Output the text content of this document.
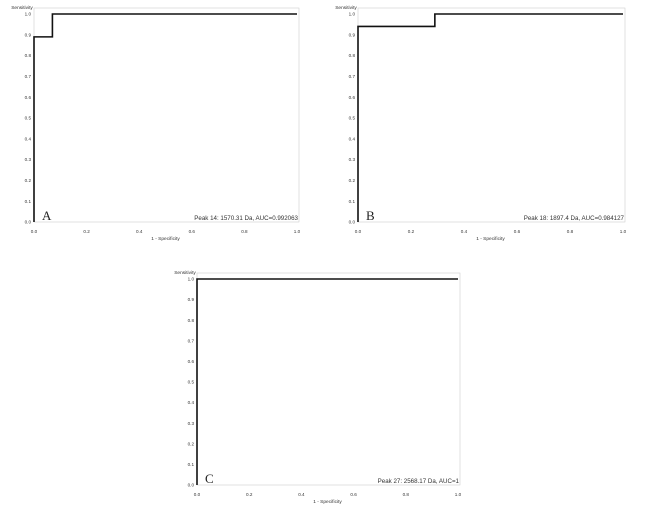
0.0
0.1
0.2
0.3
0.4
0.5
0.6
0.7
0.8
0.9
1.0
0.0	0.2	0.4	0.6	0.8	1.0
Sensitivity
1 - Specificity
A	Peak 14: 1570.31 Da, AUC=0.992063
0.0
0.1
0.2
0.3
0.4
0.5
0.6
0.7
0.8
0.9
1.0
0.0	0.2	0.4	0.6	0.8	1.0
Sensitivity
1 - Specificity
B	Peak 18: 1897.4 Da, AUC=0.984127
0.0
0.1
0.2
0.3
0.4
0.5
0.6
0.7
0.8
0.9
1.0
0.0	0.2	0.4	0.6	0.8	1.0
Sensitivity
1 - Specificity
C	Peak 27: 2568.17 Da, AUC=1
